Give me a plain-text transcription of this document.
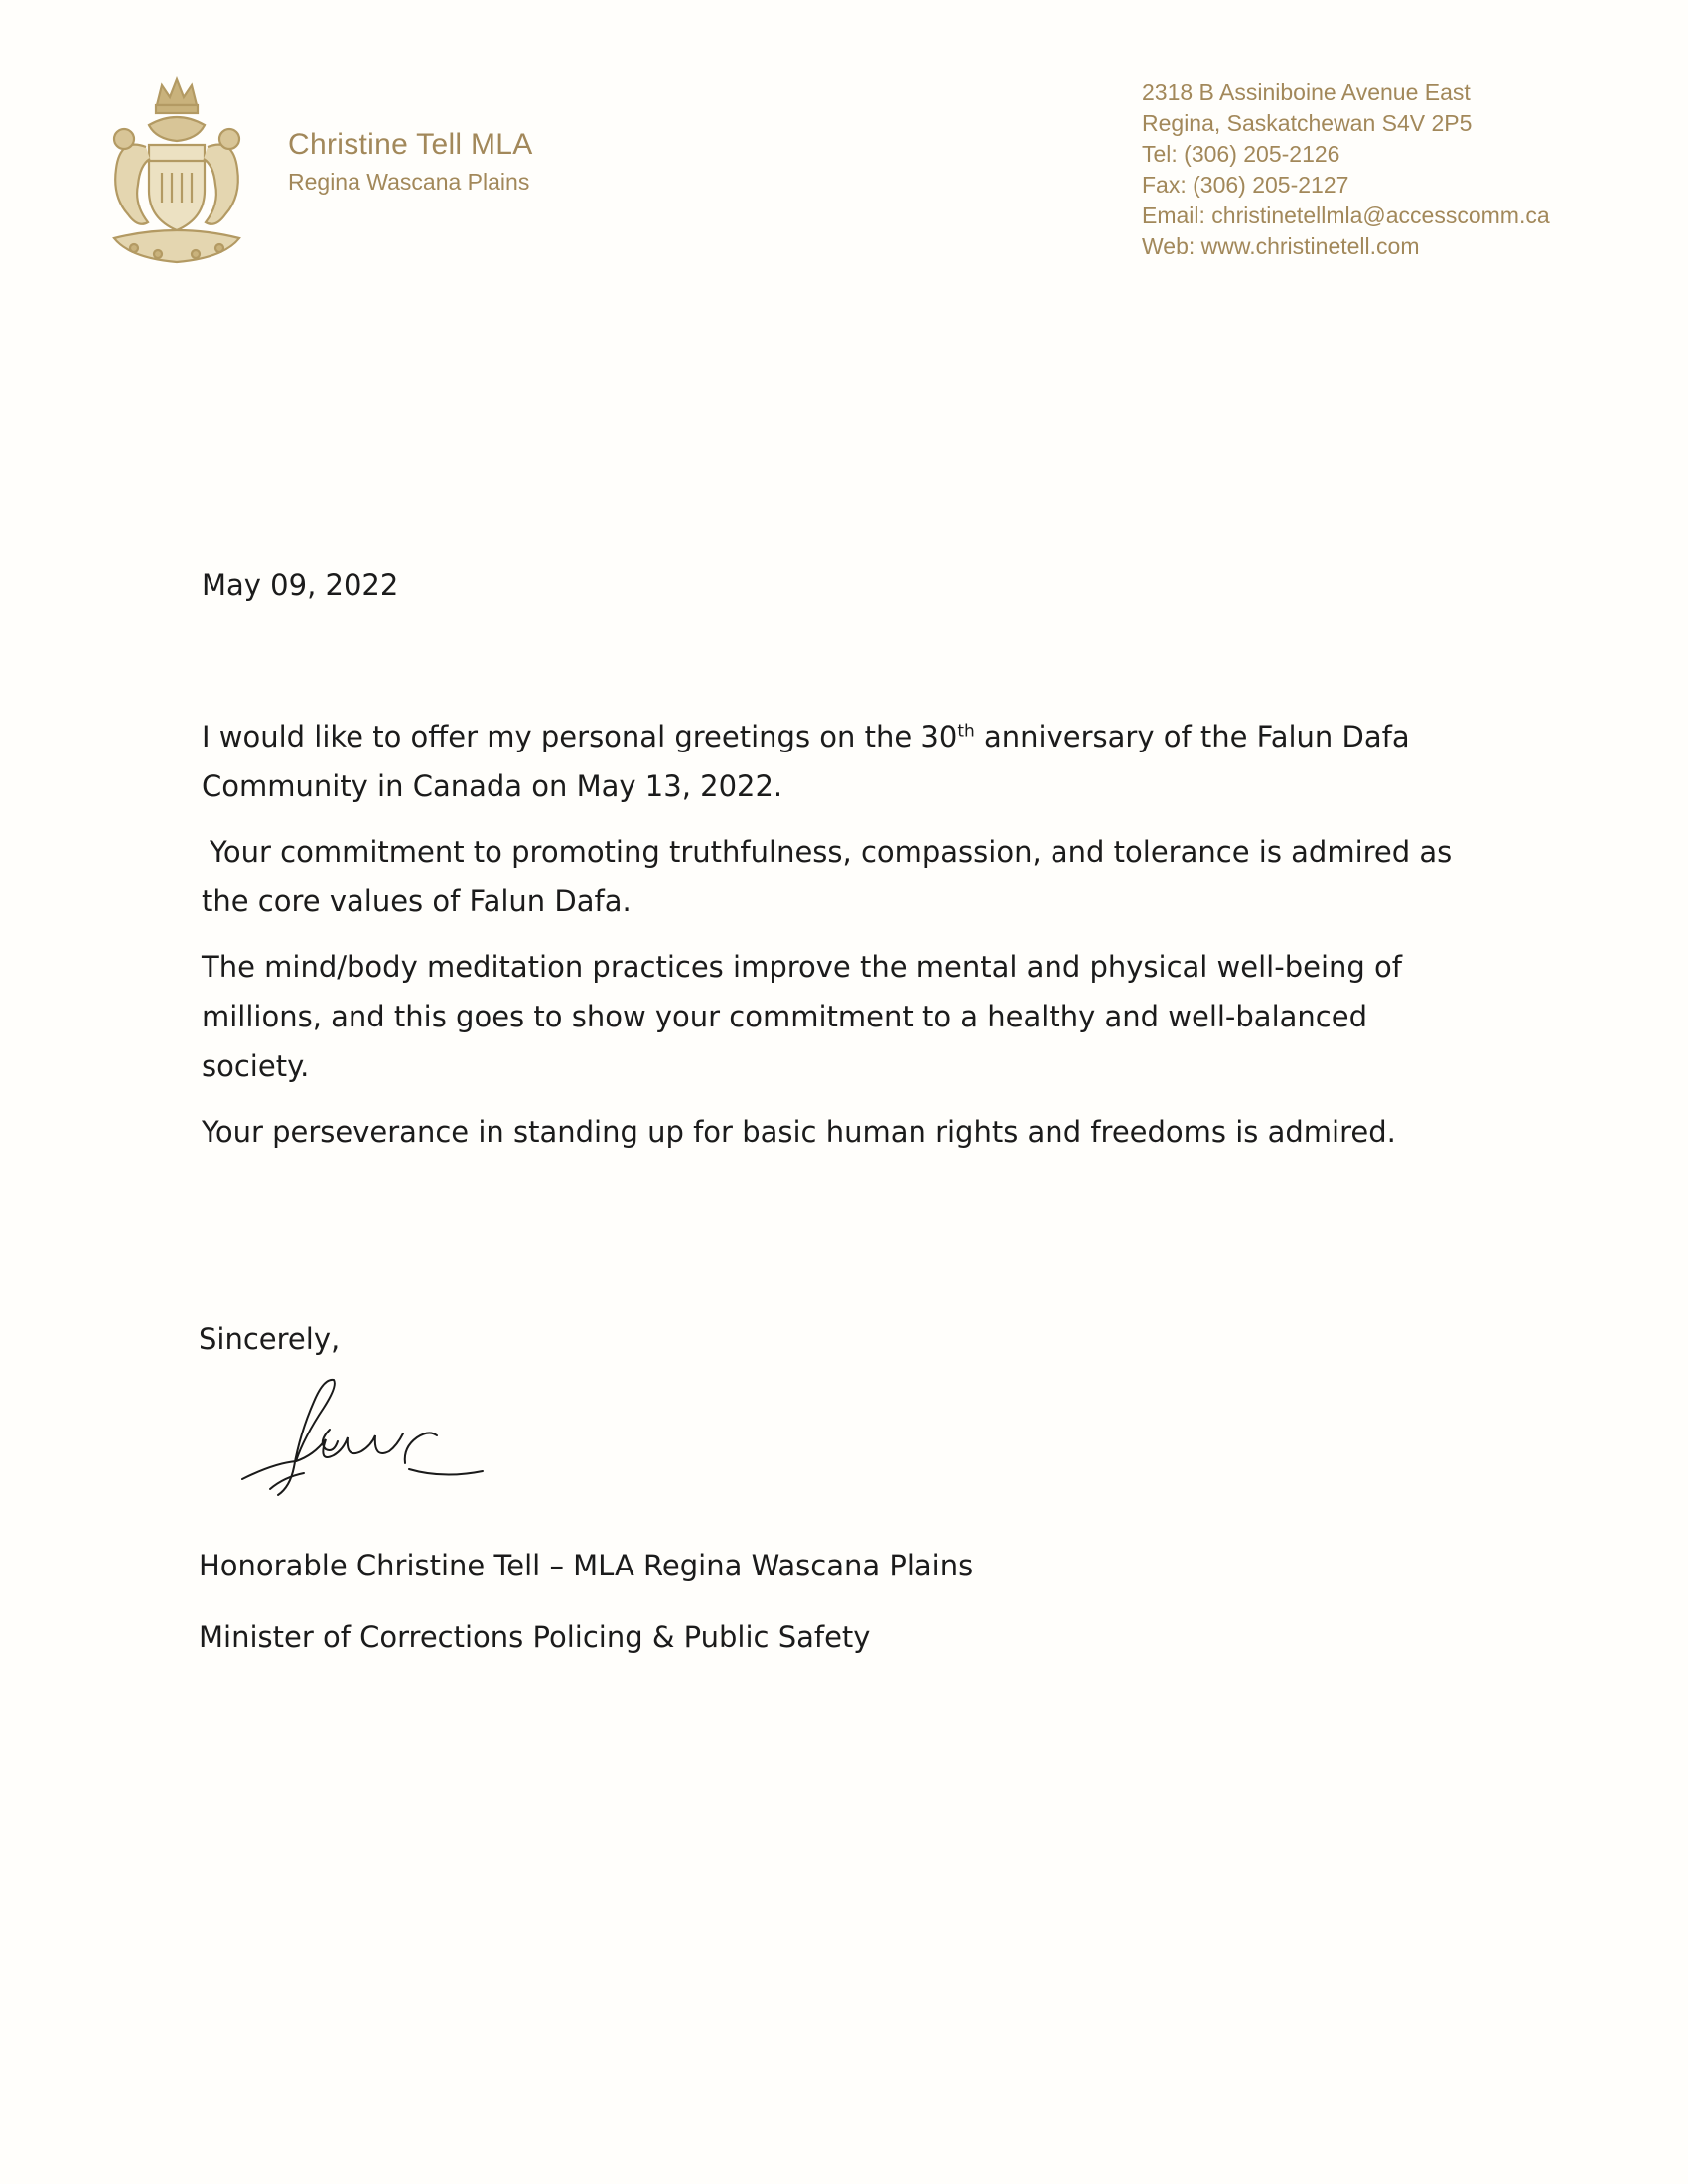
Christine Tell MLA
Regina Wascana Plains
2318 B Assiniboine Avenue East
Regina, Saskatchewan S4V 2P5
Tel: (306) 205-2126
Fax: (306) 205-2127
Email: christinetellmla@accesscomm.ca
Web: www.christinetell.com
May 09, 2022

I would like to offer my personal greetings on the 30th anniversary of the Falun Dafa Community in Canada on May 13, 2022.

Your commitment to promoting truthfulness, compassion, and tolerance is admired as the core values of Falun Dafa.

The mind/body meditation practices improve the mental and physical well-being of millions, and this goes to show your commitment to a healthy and well-balanced society.

Your perseverance in standing up for basic human rights and freedoms is admired.

Sincerely,
Honorable Christine Tell – MLA Regina Wascana Plains
Minister of Corrections Policing & Public Safety
